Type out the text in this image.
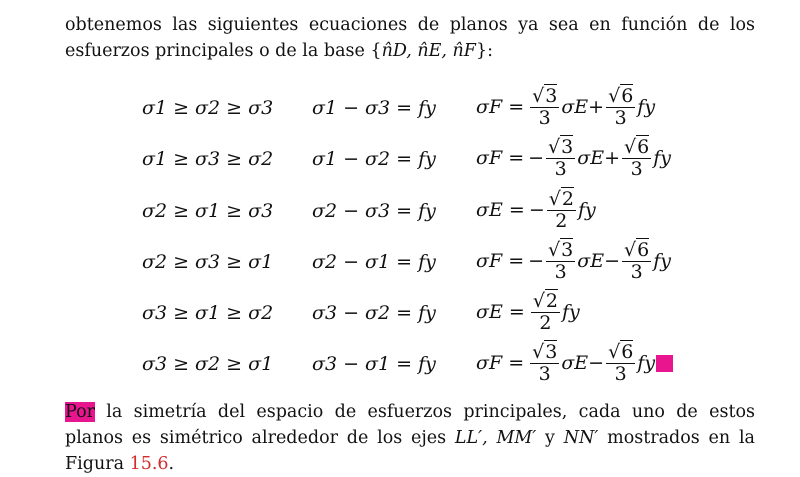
obtenemos las siguientes ecuaciones de planos ya sea en función de los esfuerzos principales o de la base {n̂D, n̂E, n̂F}:
σ1 ≥ σ2 ≥ σ3 σ1 − σ3 = fy $\sigma F = \frac{√3}{3}$ $\sigma E + \frac{√6}{3}$ fy
σ1 ≥ σ3 ≥ σ2 σ1 − σ2 = fy σF = − $\frac{√3}{3}$ $\sigma E + \frac{√6}{3}$ fy
σ2 ≥ σ1 ≥ σ3 σ2 − σ3 = fy σE = − $\frac{√2}{2}$ fy
σ2 ≥ σ3 ≥ σ1 σ2 − σ1 = fy σF = − $\frac{√3}{3}$ $\sigma E - \frac{√6}{3}$ fy
σ3 ≥ σ1 ≥ σ2 σ3 − σ2 = fy $\sigma E = \frac{√2}{2}$ fy
σ3 ≥ σ2 ≥ σ1 σ3 − σ1 = fy $\sigma F = \frac{√3}{3}$ $\sigma E - \frac{√6}{3}$ fy
Por la simetría del espacio de esfuerzos principales, cada uno de estos planos es simétrico alrededor de los ejes LL′, MM′ y NN′ mostrados en la Figura 15.6.
